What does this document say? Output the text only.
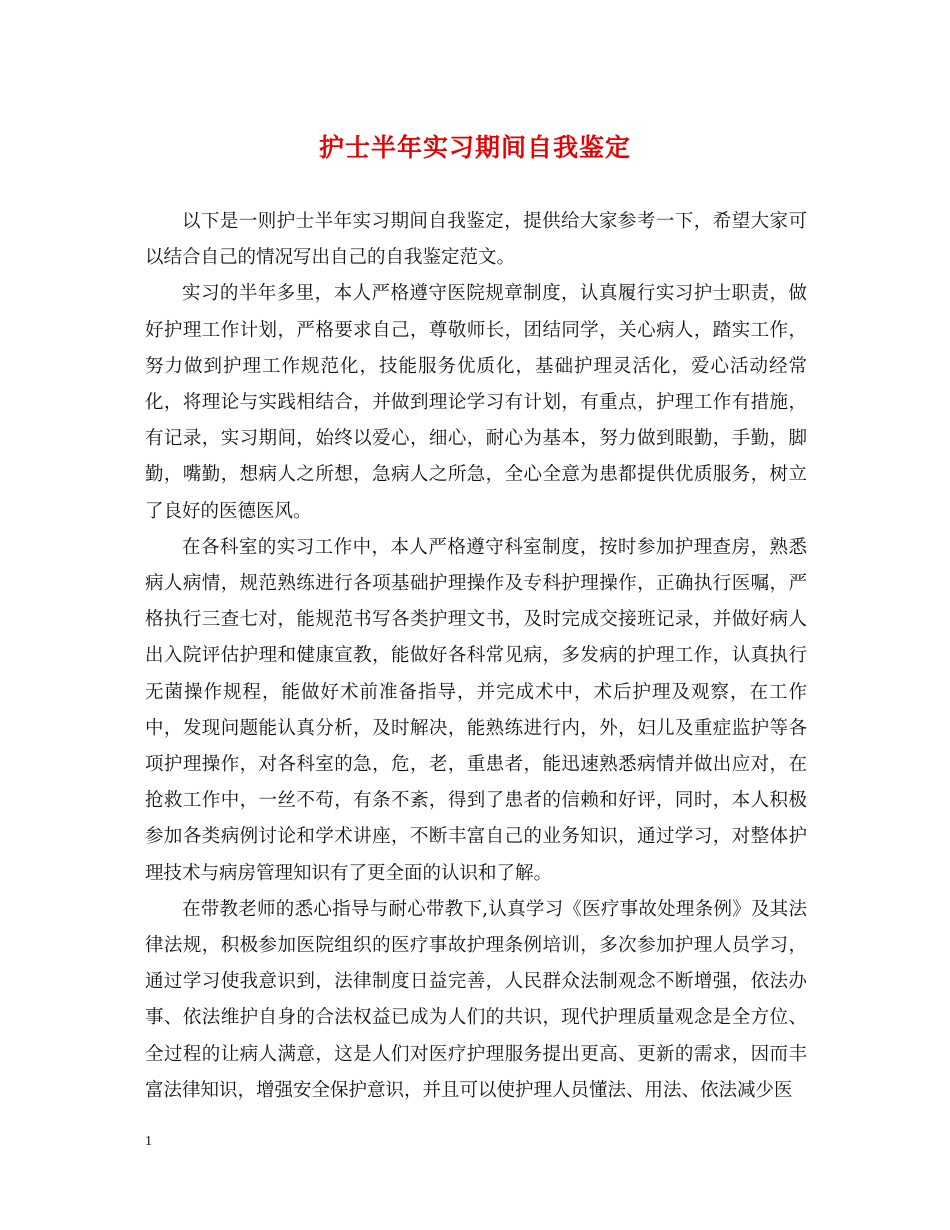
护士半年实习期间自我鉴定

以下是一则护士半年实习期间自我鉴定，提供给大家参考一下，希望大家可以结合自己的情况写出自己的自我鉴定范文。

实习的半年多里，本人严格遵守医院规章制度，认真履行实习护士职责，做好护理工作计划，严格要求自己，尊敬师长，团结同学，关心病人，踏实工作，努力做到护理工作规范化，技能服务优质化，基础护理灵活化，爱心活动经常化，将理论与实践相结合，并做到理论学习有计划，有重点，护理工作有措施，有记录，实习期间，始终以爱心，细心，耐心为基本，努力做到眼勤，手勤，脚勤，嘴勤，想病人之所想，急病人之所急，全心全意为患都提供优质服务，树立了良好的医德医风。

在各科室的实习工作中，本人严格遵守科室制度，按时参加护理查房，熟悉病人病情，规范熟练进行各项基础护理操作及专科护理操作，正确执行医嘱，严格执行三查七对，能规范书写各类护理文书，及时完成交接班记录，并做好病人出入院评估护理和健康宣教，能做好各科常见病，多发病的护理工作，认真执行无菌操作规程，能做好术前准备指导，并完成术中，术后护理及观察，在工作中，发现问题能认真分析，及时解决，能熟练进行内，外，妇儿及重症监护等各项护理操作，对各科室的急，危，老，重患者，能迅速熟悉病情并做出应对，在抢救工作中，一丝不苟，有条不紊，得到了患者的信赖和好评，同时，本人积极参加各类病例讨论和学术讲座，不断丰富自己的业务知识，通过学习，对整体护理技术与病房管理知识有了更全面的认识和了解。

在带教老师的悉心指导与耐心带教下,认真学习《医疗事故处理条例》及其法律法规，积极参加医院组织的医疗事故护理条例培训，多次参加护理人员学习，通过学习使我意识到，法律制度日益完善，人民群众法制观念不断增强，依法办事、依法维护自身的合法权益已成为人们的共识，现代护理质量观念是全方位、全过程的让病人满意，这是人们对医疗护理服务提出更高、更新的需求，因而丰富法律知识，增强安全保护意识，并且可以使护理人员懂法、用法、依法减少医

1
